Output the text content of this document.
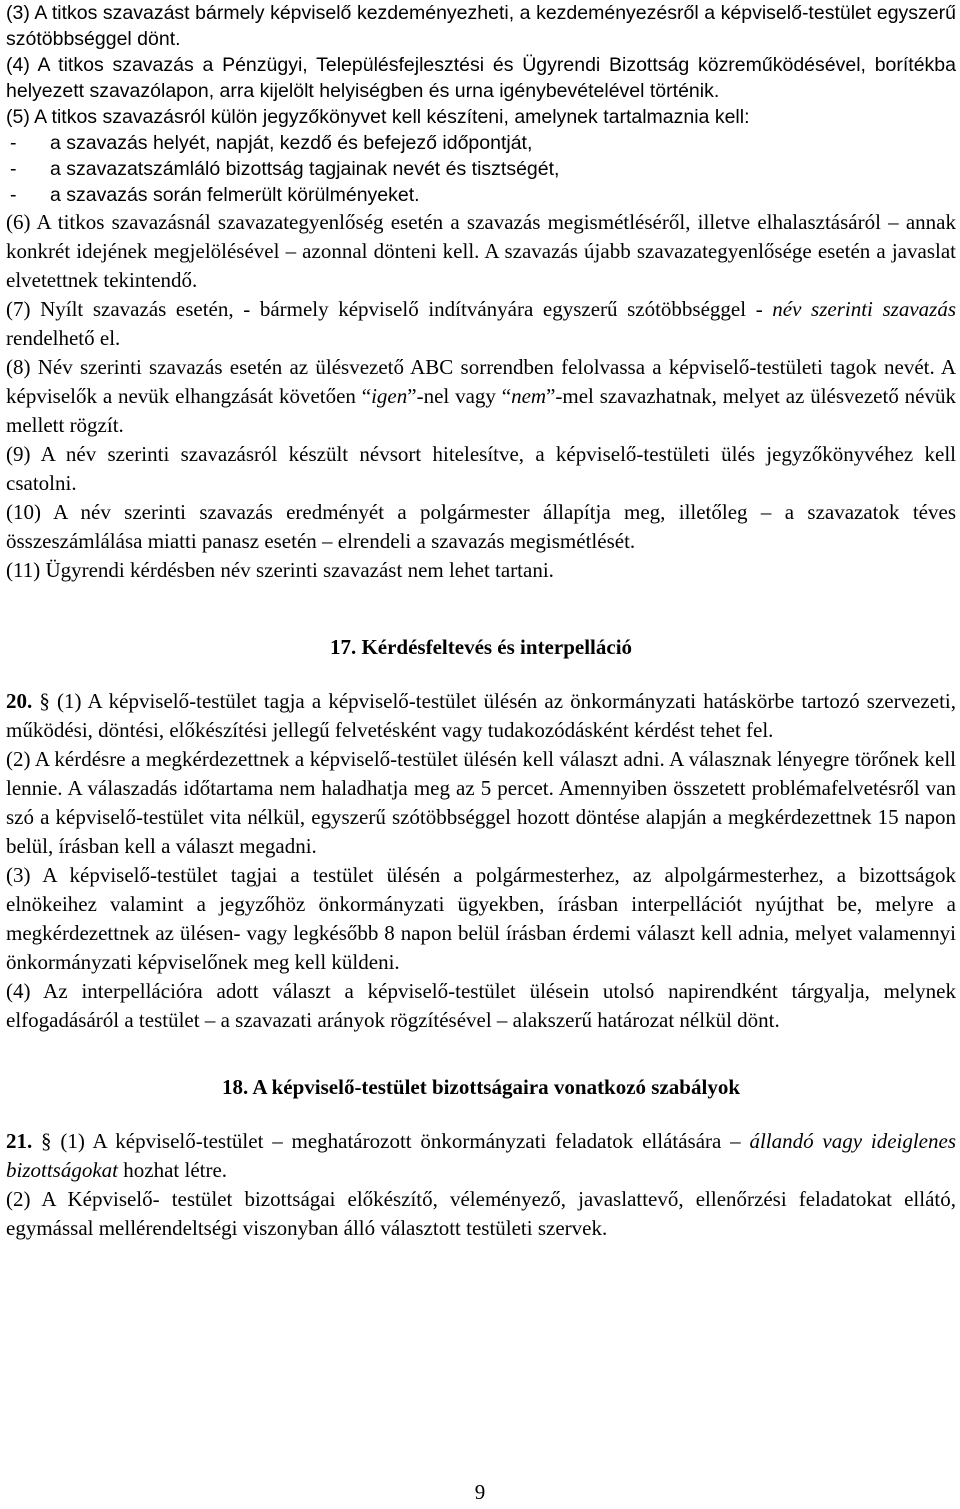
(3) A titkos szavazást bármely képviselő kezdeményezheti, a kezdeményezésről a képviselő-testület egyszerű szótöbbséggel dönt.

(4) A titkos szavazás a Pénzügyi, Településfejlesztési és Ügyrendi Bizottság közreműködésével, borítékba helyezett szavazólapon, arra kijelölt helyiségben és urna igénybevételével történik.

(5) A titkos szavazásról külön jegyzőkönyvet kell készíteni, amelynek tartalmaznia kell:

-	a szavazás helyét, napját, kezdő és befejező időpontját,
-	a szavazatszámláló bizottság tagjainak nevét és tisztségét,
-	a szavazás során felmerült körülményeket.

(6) A titkos szavazásnál szavazategyenlőség esetén a szavazás megismétléséről, illetve elhalasztásáról – annak konkrét idejének megjelölésével – azonnal dönteni kell. A szavazás újabb szavazategyenlősége esetén a javaslat elvetettnek tekintendő.

(7) Nyílt szavazás esetén, - bármely képviselő indítványára egyszerű szótöbbséggel - név szerinti szavazás rendelhető el.

(8) Név szerinti szavazás esetén az ülésvezető ABC sorrendben felolvassa a képviselő-testületi tagok nevét. A képviselők a nevük elhangzását követően “igen”-nel vagy “nem”-mel szavazhatnak, melyet az ülésvezető névük mellett rögzít.

(9) A név szerinti szavazásról készült névsort hitelesítve, a képviselő-testületi ülés jegyzőkönyvéhez kell csatolni.

(10) A név szerinti szavazás eredményét a polgármester állapítja meg, illetőleg – a szavazatok téves összeszámlálása miatti panasz esetén – elrendeli a szavazás megismétlését.

(11) Ügyrendi kérdésben név szerinti szavazást nem lehet tartani.

17. Kérdésfeltevés és interpelláció

20. § (1) A képviselő-testület tagja a képviselő-testület ülésén az önkormányzati hatáskörbe tartozó szervezeti, működési, döntési, előkészítési jellegű felvetésként vagy tudakozódásként kérdést tehet fel.

(2) A kérdésre a megkérdezettnek a képviselő-testület ülésén kell választ adni. A válasznak lényegre törőnek kell lennie. A válaszadás időtartama nem haladhatja meg az 5 percet. Amennyiben összetett problémafelvetésről van szó a képviselő-testület vita nélkül, egyszerű szótöbbséggel hozott döntése alapján a megkérdezettnek 15 napon belül, írásban kell a választ megadni.

(3) A képviselő-testület tagjai a testület ülésén a polgármesterhez, az alpolgármesterhez, a bizottságok elnökeihez valamint a jegyzőhöz önkormányzati ügyekben, írásban interpellációt nyújthat be, melyre a megkérdezettnek az ülésen- vagy legkésőbb 8 napon belül írásban érdemi választ kell adnia, melyet valamennyi önkormányzati képviselőnek meg kell küldeni.

(4) Az interpellációra adott választ a képviselő-testület ülésein utolsó napirendként tárgyalja, melynek elfogadásáról a testület – a szavazati arányok rögzítésével – alakszerű határozat nélkül dönt.

18. A képviselő-testület bizottságaira vonatkozó szabályok

21. § (1) A képviselő-testület – meghatározott önkormányzati feladatok ellátására – állandó vagy ideiglenes bizottságokat hozhat létre.

(2) A Képviselő- testület bizottságai előkészítő, véleményező, javaslattevő, ellenőrzési feladatokat ellátó, egymással mellérendeltségi viszonyban álló választott testületi szervek.

9
